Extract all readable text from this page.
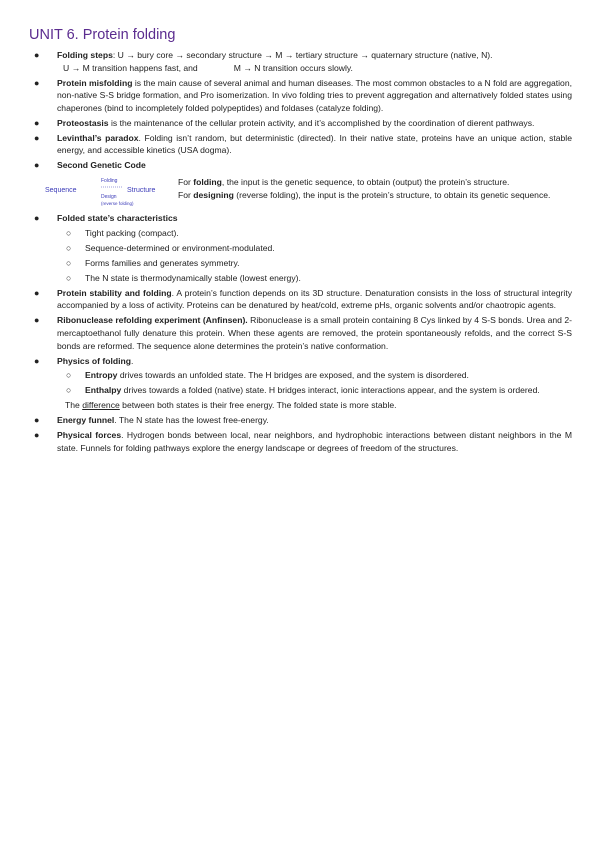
UNIT 6. Protein folding
● Folding steps: U → bury core → secondary structure → M → tertiary structure → quaternary structure (native, N).
U → M transition happens fast, and	M → N transition occurs slowly.
● Protein misfolding is the main cause of several animal and human diseases. The most common obstacles to a N fold are aggregation, non-native S-S bridge formation, and Pro isomerization. In vivo folding tries to prevent aggregation and alternatively folded states using chaperones (bind to incompletely folded polypeptides) and foldases (catalyze folding).
● Proteostasis is the maintenance of the cellular protein activity, and it’s accomplished by the coordination of dierent pathways.
● Levinthal’s paradox. Folding isn’t random, but deterministic (directed). In their native state, proteins have an unique action, stable energy, and accessible kinetics (USA dogma).
● Second Genetic Code
Sequence
Folding
Structure
Design
(reverse folding)
For folding, the input is the genetic sequence, to obtain (output) the protein’s structure.
For designing (reverse folding), the input is the protein’s structure, to obtain its genetic sequence.
● Folded state’s characteristics
○ Tight packing (compact).
○ Sequence-determined or environment-modulated.
○ Forms families and generates symmetry.
○ The N state is thermodynamically stable (lowest energy).
● Protein stability and folding. A protein’s function depends on its 3D structure. Denaturation consists in the loss of structural integrity accompanied by a loss of activity. Proteins can be denatured by heat/cold, extreme pHs, organic solvents and/or chaotropic agents.
● Ribonuclease refolding experiment (Anfinsen). Ribonuclease is a small protein containing 8 Cys linked by 4 S-S bonds. Urea and 2-mercaptoethanol fully denature this protein. When these agents are removed, the protein spontaneously refolds, and the correct S-S bonds are reformed. The sequence alone determines the protein’s native conformation.
● Physics of folding.
○ Entropy drives towards an unfolded state. The H bridges are exposed, and the system is disordered.
○ Enthalpy drives towards a folded (native) state. H bridges interact, ionic interactions appear, and the system is ordered.
The difference between both states is their free energy. The folded state is more stable.
● Energy funnel. The N state has the lowest free-energy.
● Physical forces. Hydrogen bonds between local, near neighbors, and hydrophobic interactions between distant neighbors in the M state. Funnels for folding pathways explore the energy landscape or degrees of freedom of the structures.
